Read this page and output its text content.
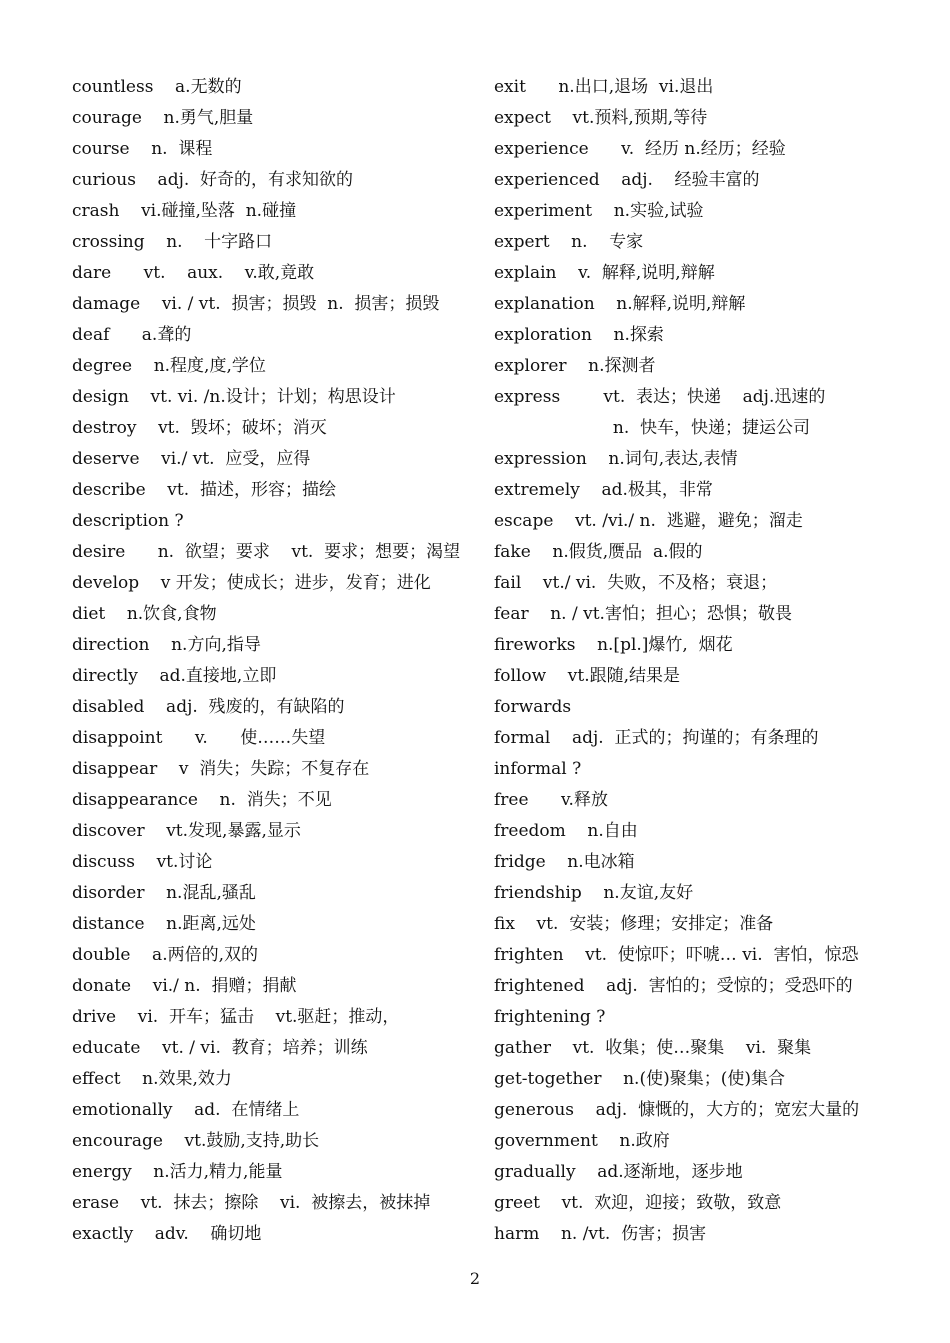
countless    a.无数的
courage    n.勇气,胆量
course    n.  课程
curious    adj.  好奇的，有求知欲的
crash    vi.碰撞,坠落  n.碰撞
crossing    n.    十字路口
dare      vt.    aux.    v.敢,竟敢
damage    vi. / vt.  损害；损毁  n.  损害；损毁
deaf      a.聋的
degree    n.程度,度,学位
design    vt. vi. /n.设计；计划；构思设计
destroy    vt.  毁坏；破坏；消灭
deserve    vi./ vt.  应受，应得
describe    vt.  描述，形容；描绘
description ?
desire      n.  欲望；要求    vt.  要求；想要；渴望
develop    v 开发；使成长；进步，发育；进化
diet    n.饮食,食物
direction    n.方向,指导
directly    ad.直接地,立即
disabled    adj.  残废的，有缺陷的
disappoint      v.      使……失望
disappear    v  消失；失踪；不复存在
disappearance    n.  消失；不见
discover    vt.发现,暴露,显示
discuss    vt.讨论
disorder    n.混乱,骚乱
distance    n.距离,远处
double    a.两倍的,双的
donate    vi./ n.  捐赠；捐献
drive    vi.  开车；猛击    vt.驱赶；推动，
educate    vt. / vi.  教育；培养；训练
effect    n.效果,效力
emotionally    ad.  在情绪上
encourage    vt.鼓励,支持,助长
energy    n.活力,精力,能量
erase    vt.  抹去；擦除    vi.  被擦去，被抹掉
exactly    adv.    确切地
exit      n.出口,退场  vi.退出
expect    vt.预料,预期,等待
experience      v.  经历 n.经历；经验
experienced    adj.    经验丰富的
experiment    n.实验,试验
expert    n.    专家
explain    v.  解释,说明,辩解
explanation    n.解释,说明,辩解
exploration    n.探索
explorer    n.探测者
express        vt.  表达；快递    adj.迅速的
n.  快车，快递；捷运公司
expression    n.词句,表达,表情
extremely    ad.极其，非常
escape    vt. /vi./ n.  逃避，避免；溜走
fake    n.假货,赝品  a.假的
fail    vt./ vi.  失败，不及格；衰退；
fear    n. / vt.害怕；担心；恐惧；敬畏
fireworks    n.[pl.]爆竹,  烟花
follow    vt.跟随,结果是
forwards
formal    adj.  正式的；拘谨的；有条理的
informal ?
free      v.释放
freedom    n.自由
fridge    n.电冰箱
friendship    n.友谊,友好
fix    vt.  安装；修理；安排定；准备
frighten    vt.  使惊吓；吓唬… vi.  害怕，惊恐
frightened    adj.  害怕的；受惊的；受恐吓的
frightening ?
gather    vt.  收集；使…聚集    vi.  聚集
get-together    n.(使)聚集；(使)集合
generous    adj.  慷慨的，大方的；宽宏大量的
government    n.政府
gradually    ad.逐渐地，逐步地
greet    vt.  欢迎，迎接；致敬，致意
harm    n. /vt.  伤害；损害
2
